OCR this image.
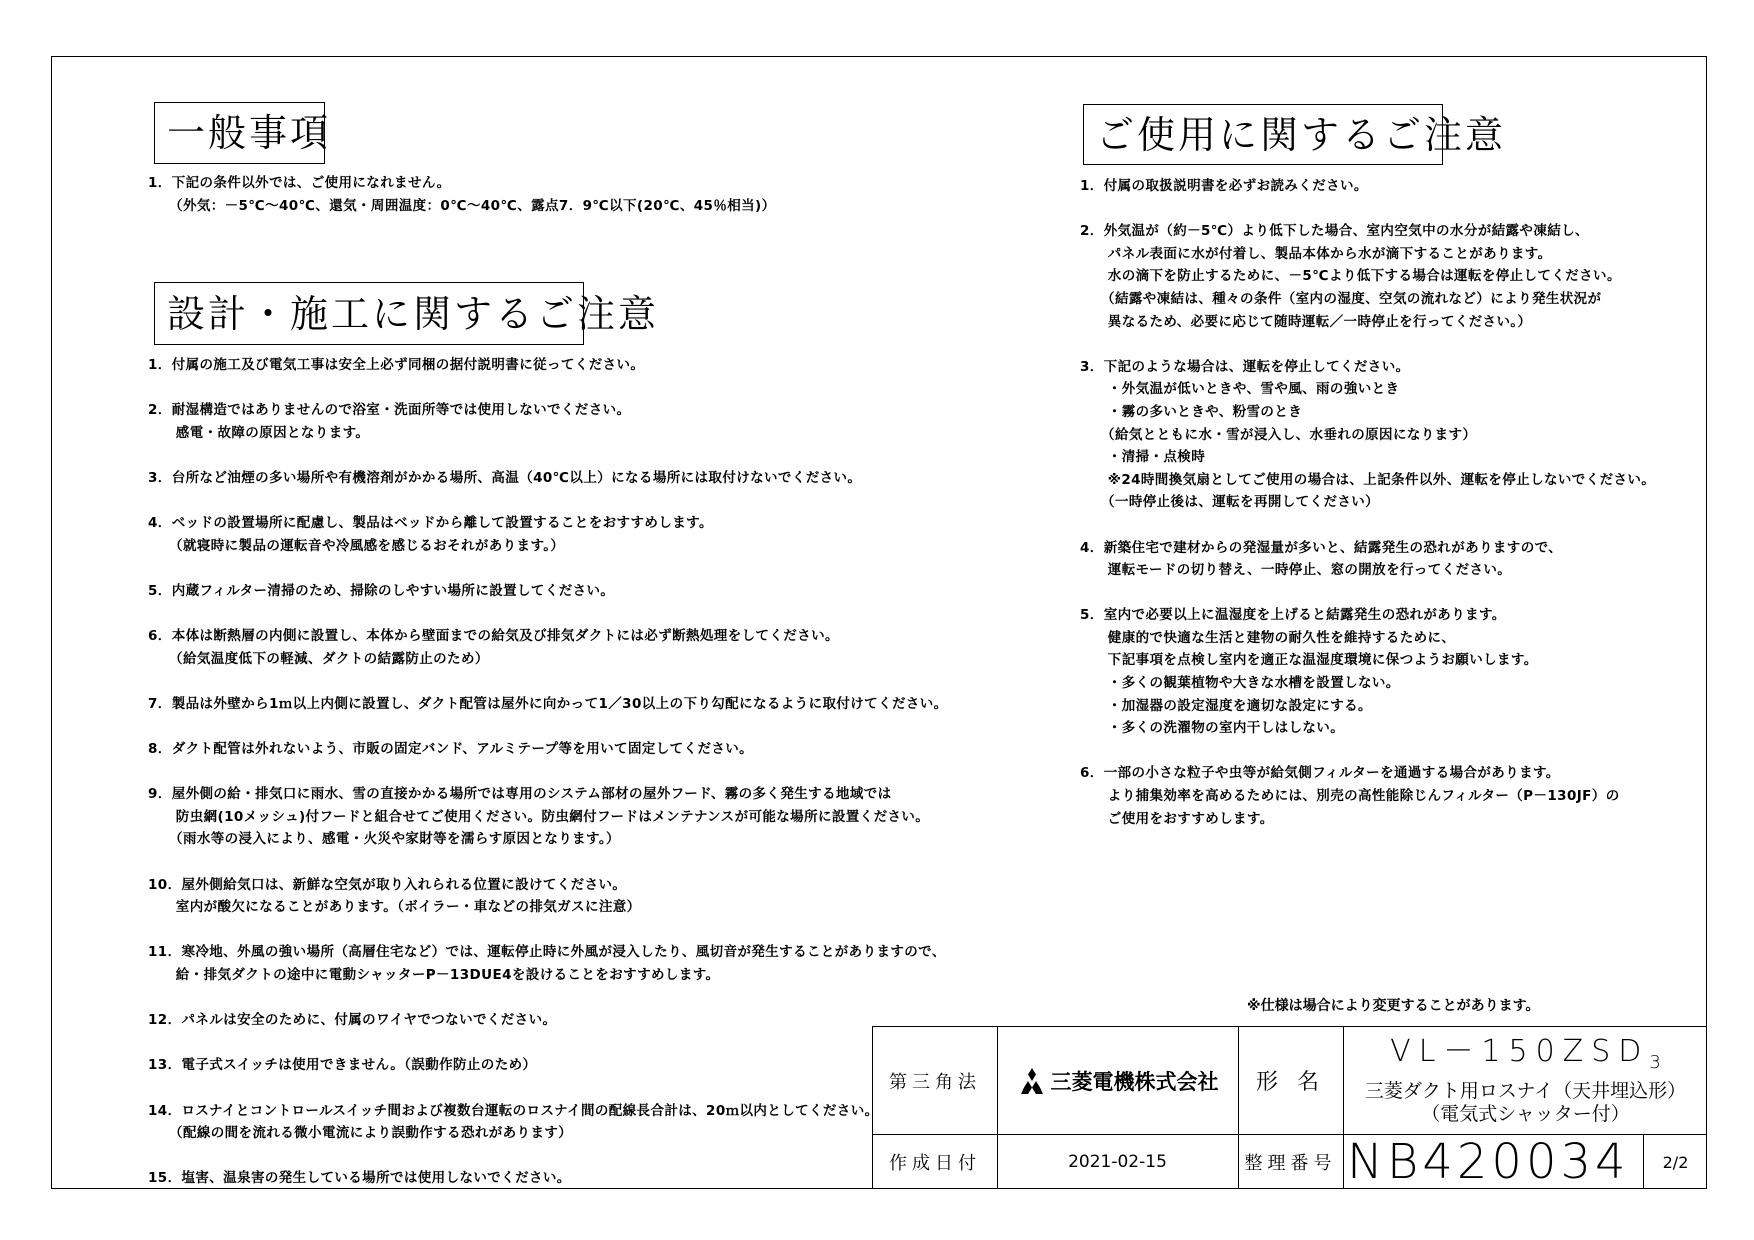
一般事項
1．下記の条件以外では、ご使用になれません。
　　（外気：－5℃～40℃、還気・周囲温度：0℃～40℃、露点7．9℃以下(20℃、45％相当)）
設計・施工に関するご注意
1．付属の施工及び電気工事は安全上必ず同梱の据付説明書に従ってください。

2．耐湿構造ではありませんので浴室・洗面所等では使用しないでください。
　　感電・故障の原因となります。

3．台所など油煙の多い場所や有機溶剤がかかる場所、高温（40℃以上）になる場所には取付けないでください。

4．ベッドの設置場所に配慮し、製品はベッドから離して設置することをおすすめします。
　　（就寝時に製品の運転音や冷風感を感じるおそれがあります。）

5．内蔵フィルター清掃のため、掃除のしやすい場所に設置してください。

6．本体は断熱層の内側に設置し、本体から壁面までの給気及び排気ダクトには必ず断熱処理をしてください。
　　（給気温度低下の軽減、ダクトの結露防止のため）

7．製品は外壁から1ｍ以上内側に設置し、ダクト配管は屋外に向かって1／30以上の下り勾配になるように取付けてください。

8．ダクト配管は外れないよう、市販の固定バンド、アルミテープ等を用いて固定してください。

9．屋外側の給・排気口に雨水、雪の直接かかる場所では専用のシステム部材の屋外フード、霧の多く発生する地域では
　　防虫網(10メッシュ)付フードと組合せてご使用ください。防虫網付フードはメンテナンスが可能な場所に設置ください。
　　（雨水等の浸入により、感電・火災や家財等を濡らす原因となります。）

10．屋外側給気口は、新鮮な空気が取り入れられる位置に設けてください。
　　室内が酸欠になることがあります。（ボイラー・車などの排気ガスに注意）

11．寒冷地、外風の強い場所（高層住宅など）では、運転停止時に外風が浸入したり、風切音が発生することがありますので、
　　給・排気ダクトの途中に電動シャッターP－13DUE4を設けることをおすすめします。

12．パネルは安全のために、付属のワイヤでつないでください。

13．電子式スイッチは使用できません。（誤動作防止のため）

14．ロスナイとコントロールスイッチ間および複数台運転のロスナイ間の配線長合計は、20ｍ以内としてください。
　　（配線の間を流れる微小電流により誤動作する恐れがあります）

15．塩害、温泉害の発生している場所では使用しないでください。
ご使用に関するご注意
1．付属の取扱説明書を必ずお読みください。

2．外気温が（約－5℃）より低下した場合、室内空気中の水分が結露や凍結し、
　　パネル表面に水が付着し、製品本体から水が滴下することがあります。
　　水の滴下を防止するために、－5℃より低下する場合は運転を停止してください。
　　（結露や凍結は、種々の条件（室内の湿度、空気の流れなど）により発生状況が
　　異なるため、必要に応じて随時運転／一時停止を行ってください。）

3．下記のような場合は、運転を停止してください。
　　・外気温が低いときや、雪や風、雨の強いとき
　　・霧の多いときや、粉雪のとき
　　（給気とともに水・雪が浸入し、水垂れの原因になります）
　　・清掃・点検時
　　※24時間換気扇としてご使用の場合は、上記条件以外、運転を停止しないでください。
　　（一時停止後は、運転を再開してください）

4．新築住宅で建材からの発湿量が多いと、結露発生の恐れがありますので、
　　運転モードの切り替え、一時停止、窓の開放を行ってください。

5．室内で必要以上に温湿度を上げると結露発生の恐れがあります。
　　健康的で快適な生活と建物の耐久性を維持するために、
　　下記事項を点検し室内を適正な温湿度環境に保つようお願いします。
　　・多くの観葉植物や大きな水槽を設置しない。
　　・加湿器の設定湿度を適切な設定にする。
　　・多くの洗濯物の室内干しはしない。

6．一部の小さな粒子や虫等が給気側フィルターを通過する場合があります。
　　より捕集効率を高めるためには、別売の高性能除じんフィルター（P－130JF）の
　　ご使用をおすすめします。
※仕様は場合により変更することがあります。
第三角法	三菱電機株式会社	形 名
$VL-150ZSD_3$
三菱ダクト用ロスナイ（天井埋込形）
（電気式シャッター付）
作成日付	2021-02-15	整理番号 NB420034	2/2
